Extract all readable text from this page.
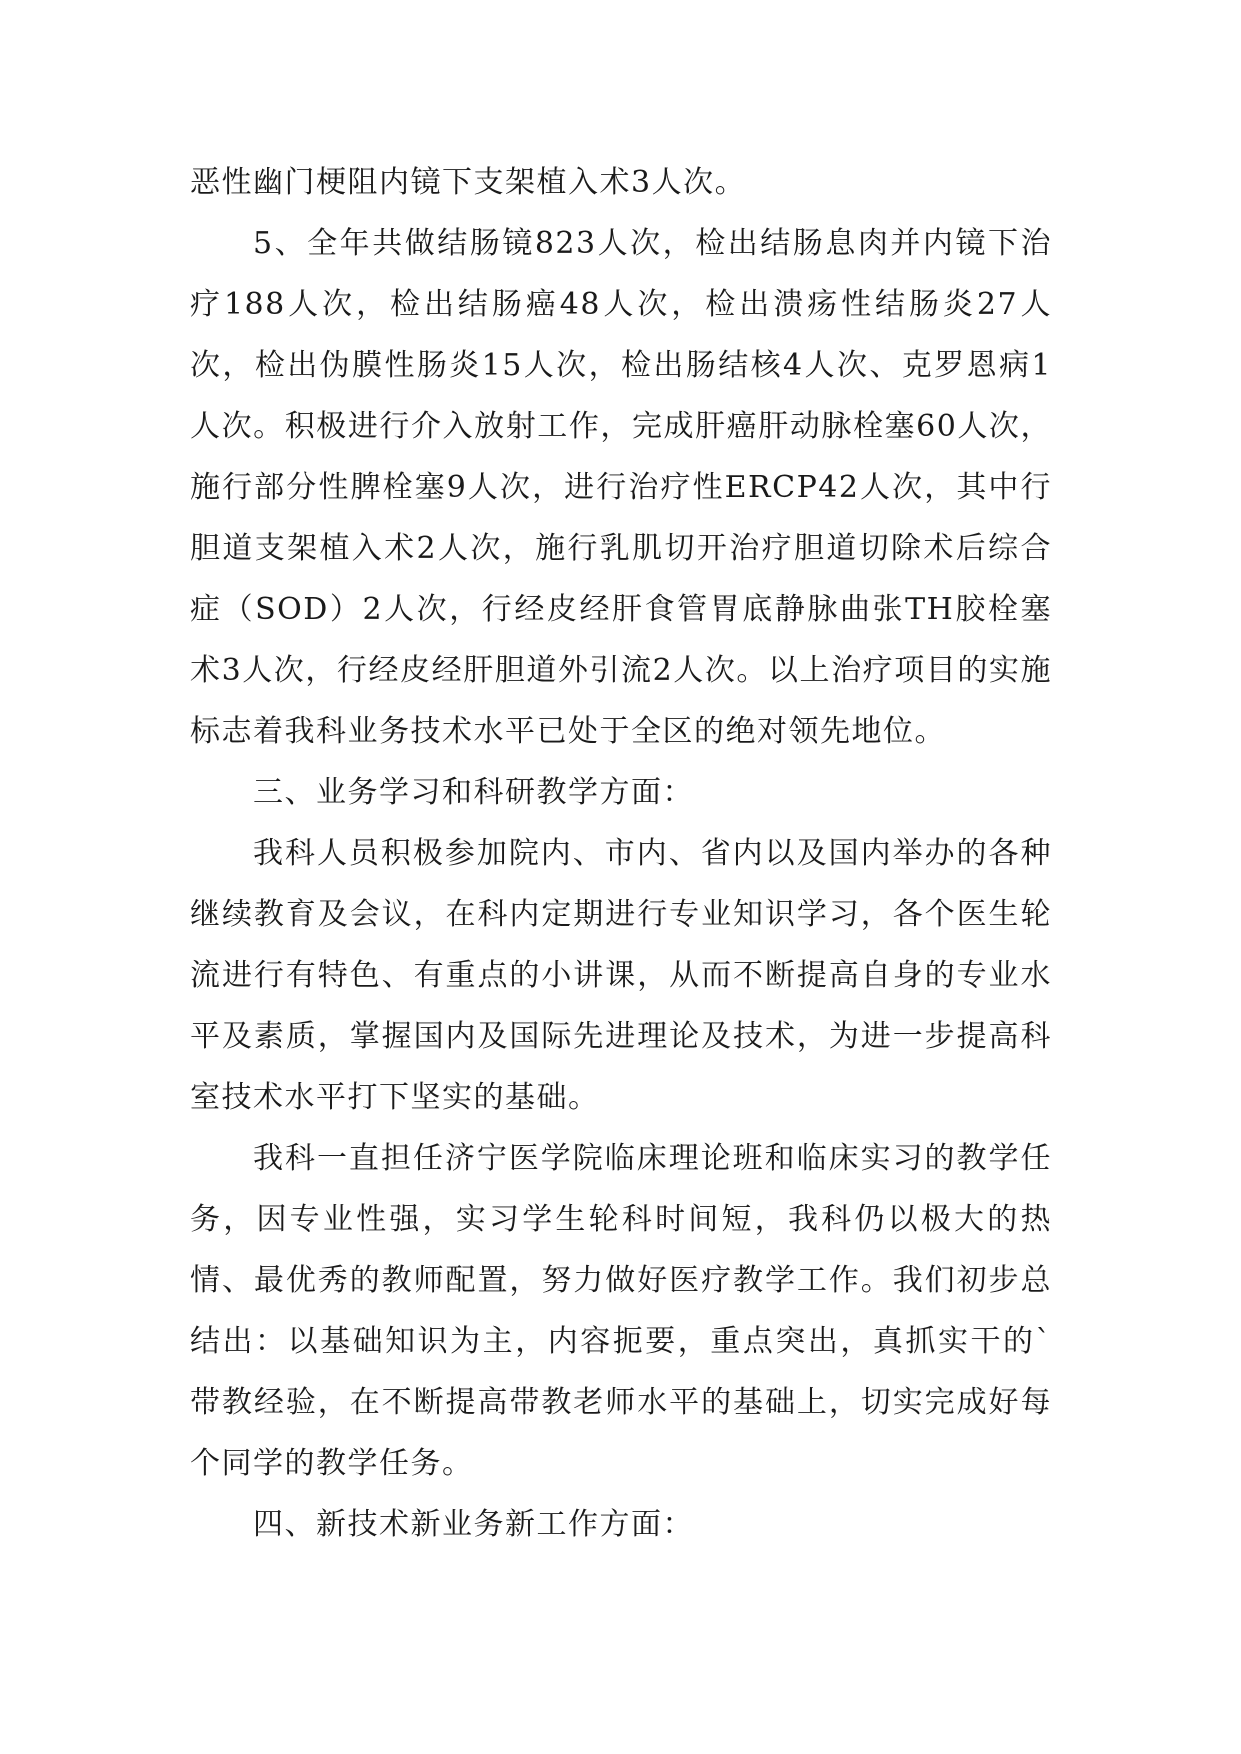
恶性幽门梗阻内镜下支架植入术3人次。

5、全年共做结肠镜823人次，检出结肠息肉并内镜下治疗188人次，检出结肠癌48人次，检出溃疡性结肠炎27人次，检出伪膜性肠炎15人次，检出肠结核4人次、克罗恩病1人次。积极进行介入放射工作，完成肝癌肝动脉栓塞60人次，施行部分性脾栓塞9人次，进行治疗性ERCP42人次，其中行胆道支架植入术2人次，施行乳肌切开治疗胆道切除术后综合症（SOD）2人次，行经皮经肝食管胃底静脉曲张TH胶栓塞术3人次，行经皮经肝胆道外引流2人次。以上治疗项目的实施标志着我科业务技术水平已处于全区的绝对领先地位。

三、业务学习和科研教学方面：

我科人员积极参加院内、市内、省内以及国内举办的各种继续教育及会议，在科内定期进行专业知识学习，各个医生轮流进行有特色、有重点的小讲课，从而不断提高自身的专业水平及素质，掌握国内及国际先进理论及技术，为进一步提高科室技术水平打下坚实的基础。

我科一直担任济宁医学院临床理论班和临床实习的教学任务，因专业性强，实习学生轮科时间短，我科仍以极大的热情、最优秀的教师配置，努力做好医疗教学工作。我们初步总结出：以基础知识为主，内容扼要，重点突出，真抓实干的`带教经验，在不断提高带教老师水平的基础上，切实完成好每个同学的教学任务。

四、新技术新业务新工作方面：
